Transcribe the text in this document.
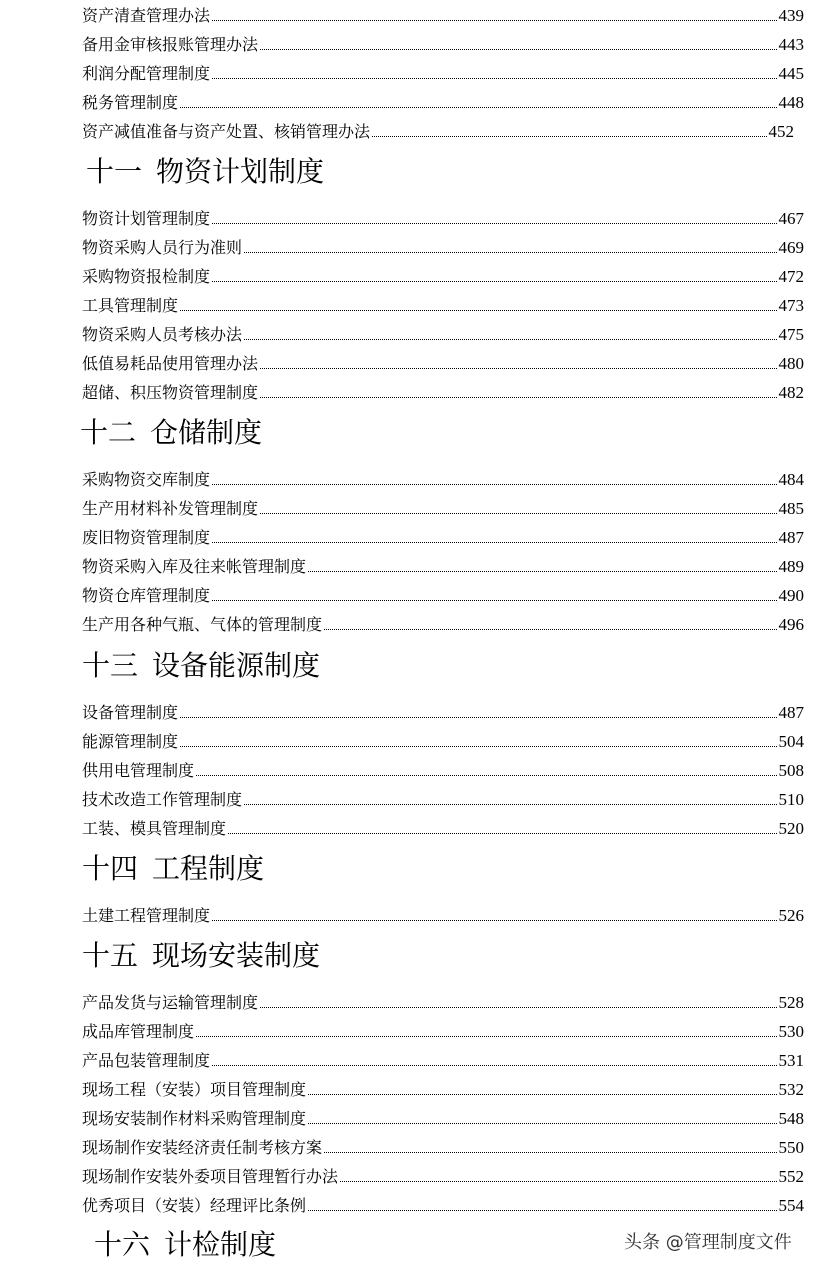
资产清查管理办法	439
备用金审核报账管理办法	443
利润分配管理制度	445
税务管理制度	448
资产减值准备与资产处置、核销管理办法	452
十一 物资计划制度
物资计划管理制度	467
物资采购人员行为准则	469
采购物资报检制度	472
工具管理制度	473
物资采购人员考核办法	475
低值易耗品使用管理办法	480
超储、积压物资管理制度	482
十二 仓储制度
采购物资交库制度	484
生产用材料补发管理制度	485
废旧物资管理制度	487
物资采购入库及往来帐管理制度	489
物资仓库管理制度	490
生产用各种气瓶、气体的管理制度	496
十三 设备能源制度
设备管理制度	487
能源管理制度	504
供用电管理制度	508
技术改造工作管理制度	510
工装、模具管理制度	520
十四 工程制度
土建工程管理制度	526
十五 现场安装制度
产品发货与运输管理制度	528
成品库管理制度	530
产品包装管理制度	531
现场工程（安装）项目管理制度	532
现场安装制作材料采购管理制度	548
现场制作安装经济责任制考核方案	550
现场制作安装外委项目管理暂行办法	552
优秀项目（安装）经理评比条例	554
十六 计检制度	头条 @管理制度文件
